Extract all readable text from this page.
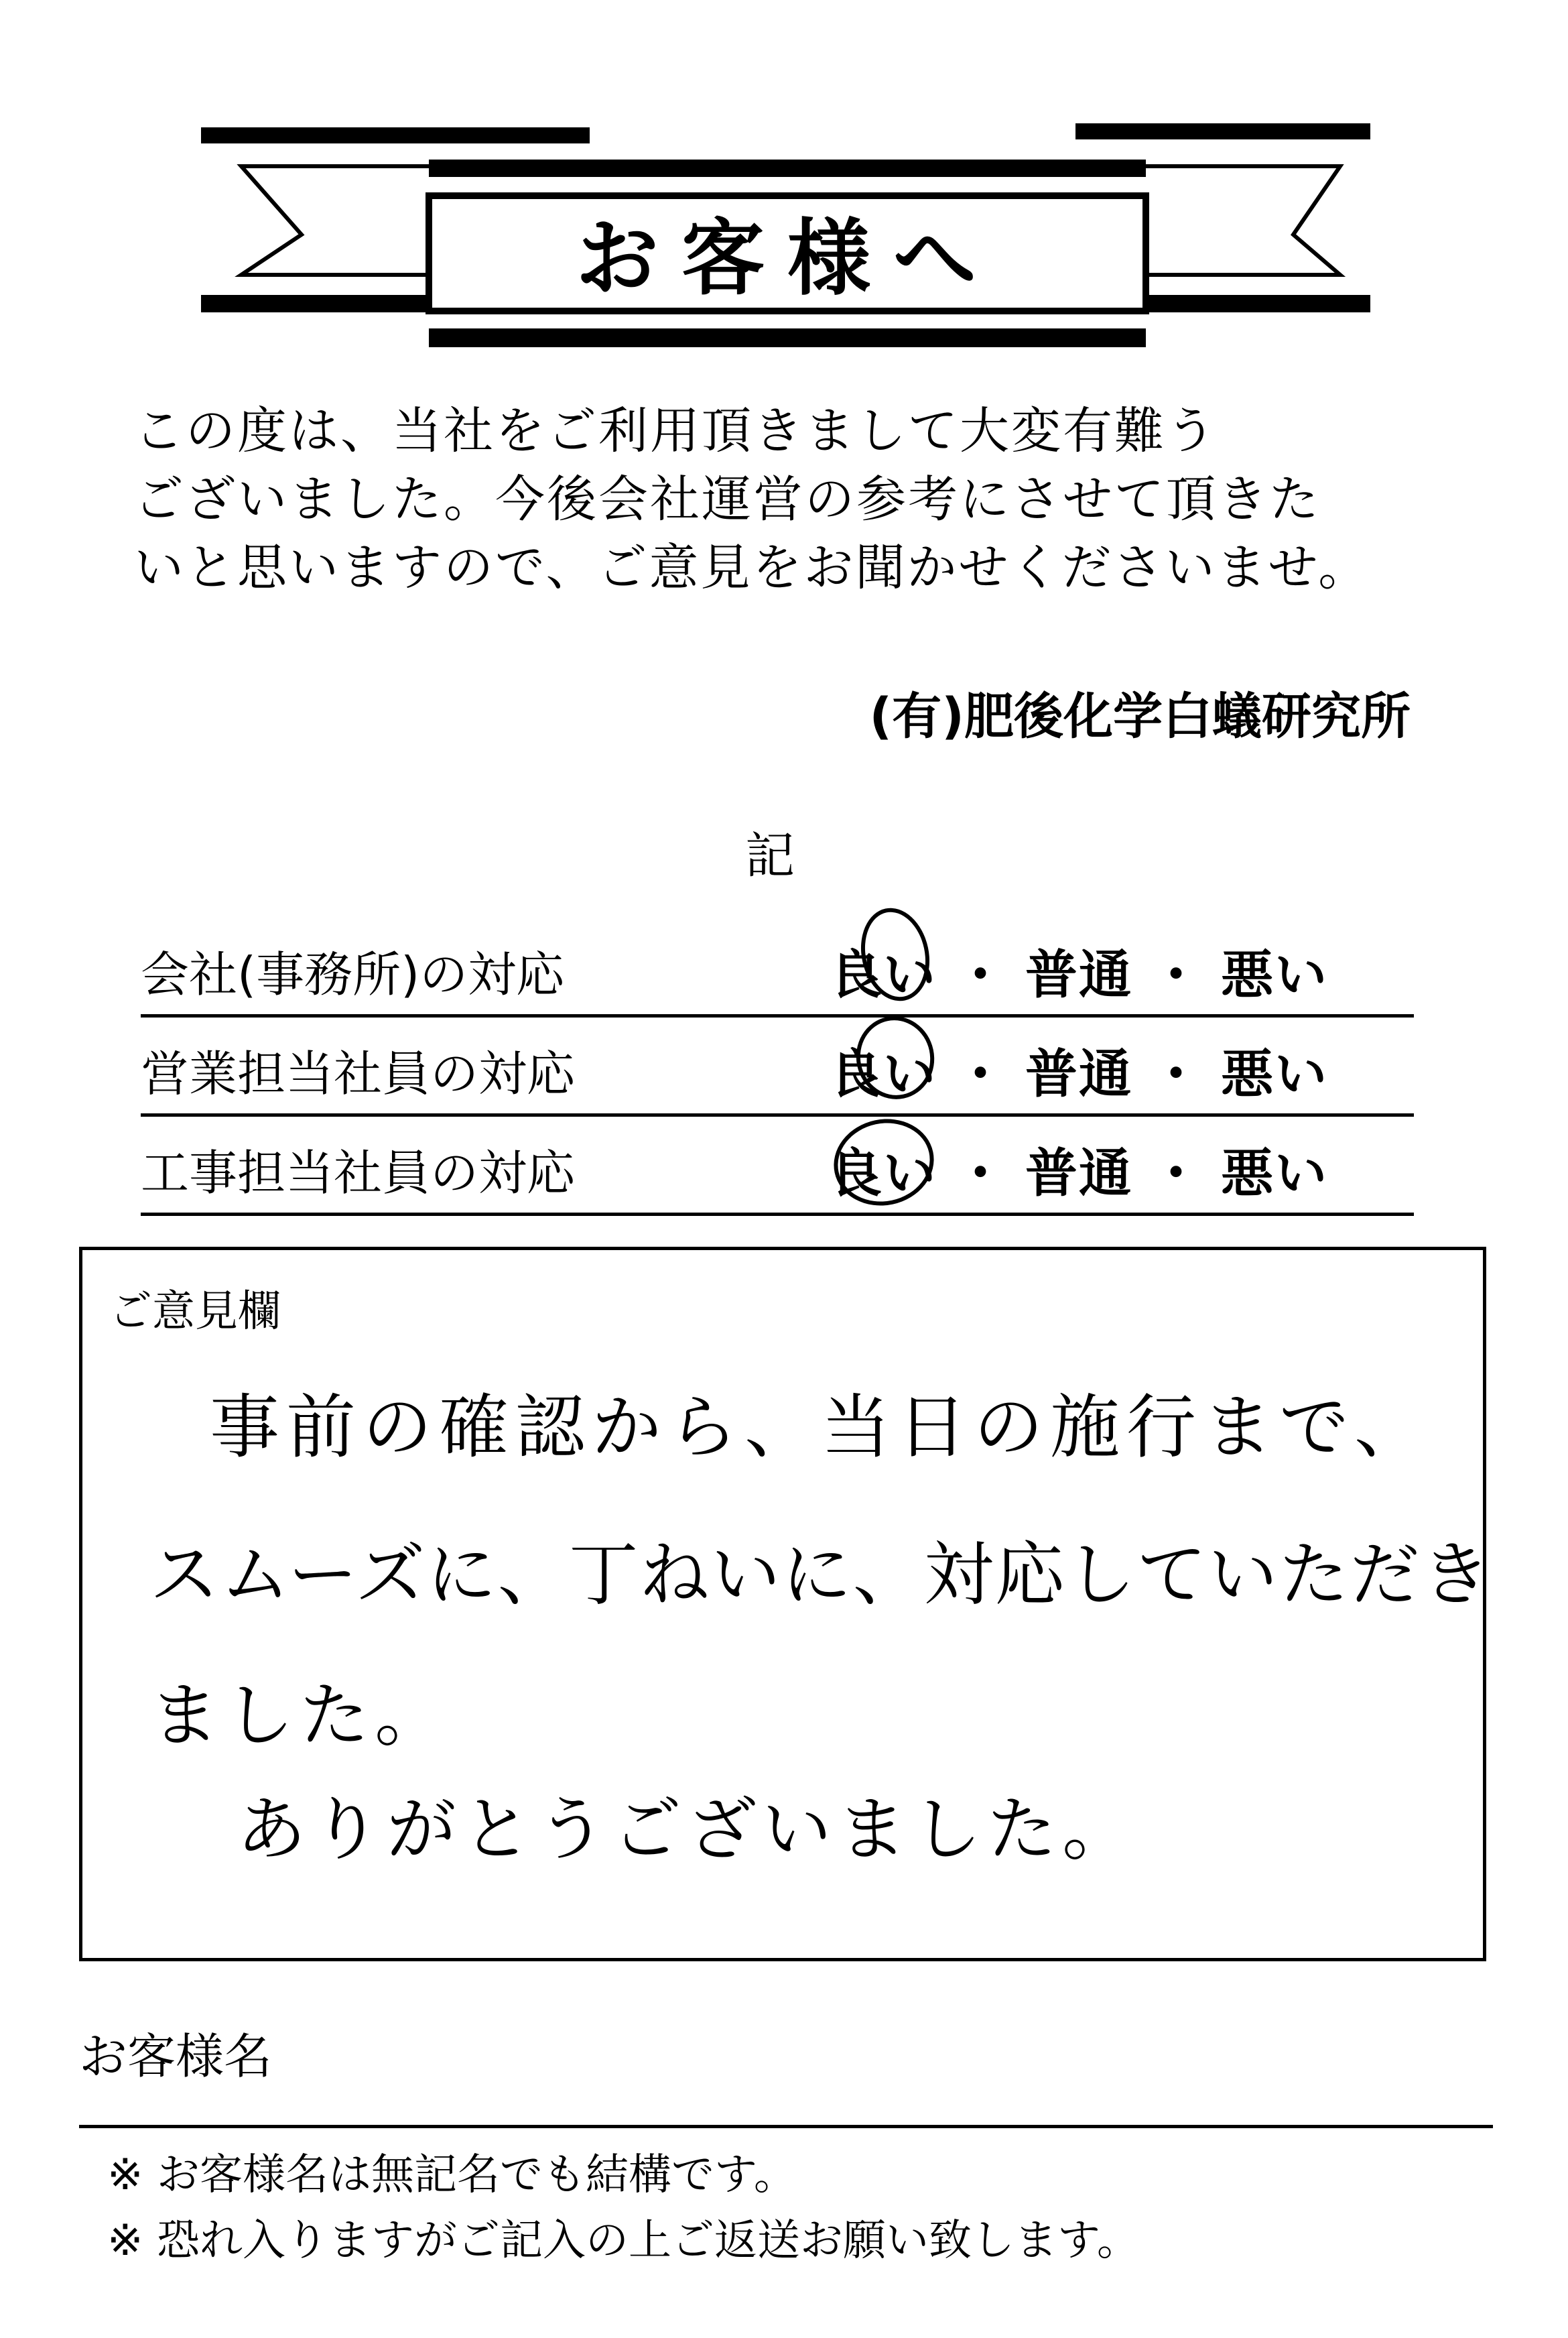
お客様へ
この度は、当社をご利用頂きまして大変有難う
ございました。今後会社運営の参考にさせて頂きた
いと思いますので、ご意見をお聞かせくださいませ。
(有)肥後化学白蟻研究所
記
会社(事務所)の対応	良い ・ 普通 ・ 悪い
営業担当社員の対応	良い ・ 普通 ・ 悪い
工事担当社員の対応	良い ・ 普通 ・ 悪い
ご意見欄
事前の確認から、当日の施行まで、
スムーズに、丁ねいに、対応していただき
ました。
ありがとうございました。
お客様名
※ お客様名は無記名でも結構です。
※ 恐れ入りますがご記入の上ご返送お願い致します。
